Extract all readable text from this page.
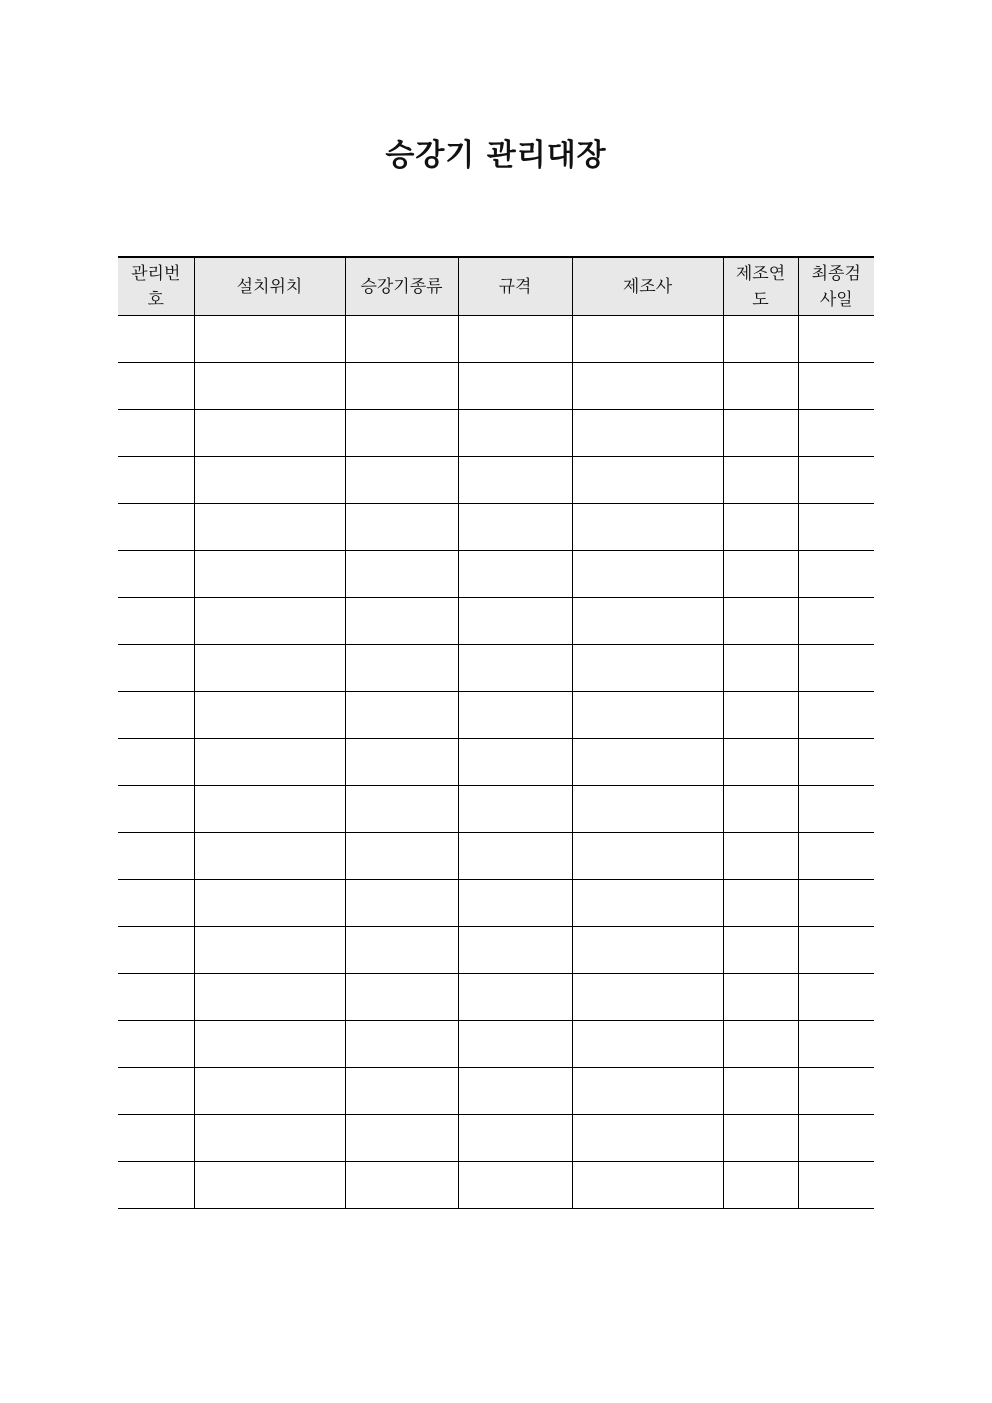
승강기 관리대장
관리번호	설치위치	승강기종류	규격	제조사	제조연도	최종검사일
